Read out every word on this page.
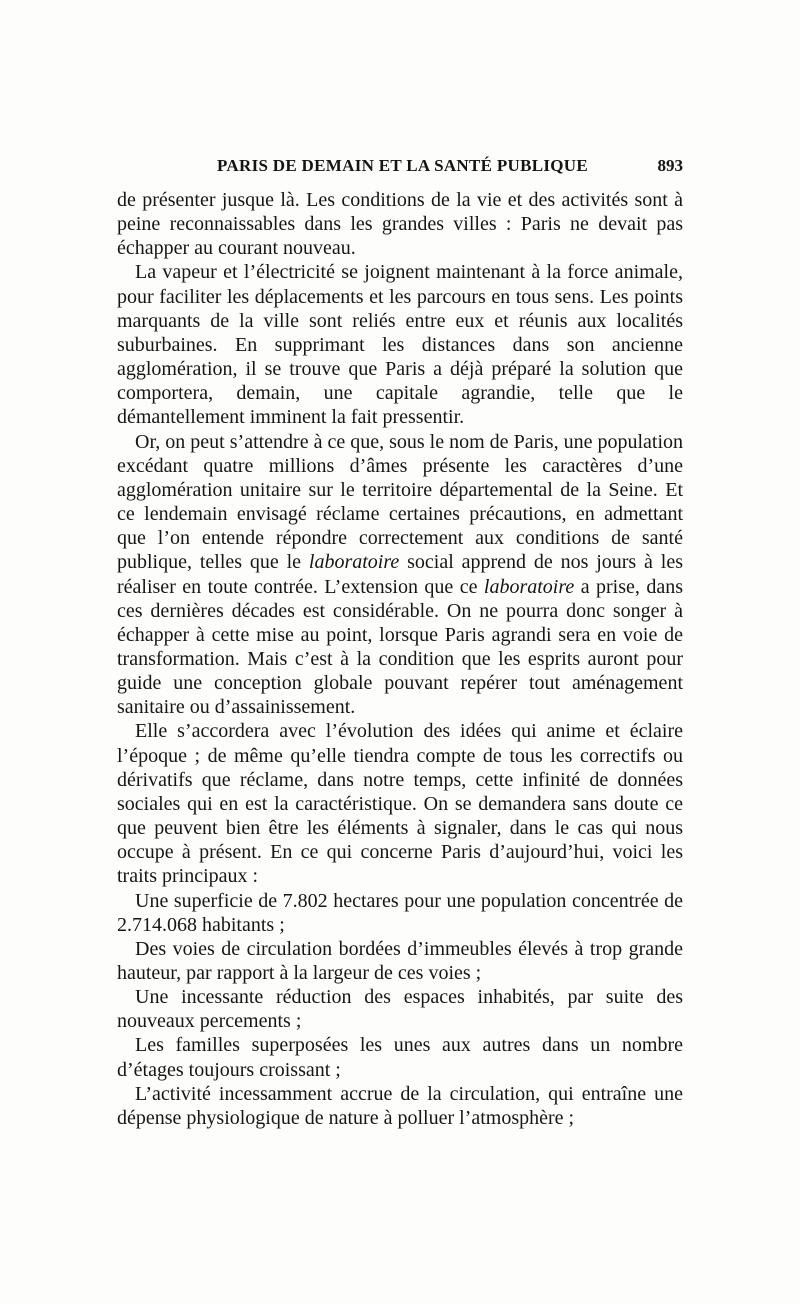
PARIS DE DEMAIN ET LA SANTÉ PUBLIQUE	893

de présenter jusque là. Les conditions de la vie et des activités sont à peine reconnaissables dans les grandes villes : Paris ne devait pas échapper au courant nouveau.

La vapeur et l’électricité se joignent maintenant à la force animale, pour faciliter les déplacements et les parcours en tous sens. Les points marquants de la ville sont reliés entre eux et réunis aux localités suburbaines. En supprimant les distances dans son ancienne agglomération, il se trouve que Paris a déjà préparé la solution que comportera, demain, une capitale agrandie, telle que le démantellement imminent la fait pressentir.

Or, on peut s’attendre à ce que, sous le nom de Paris, une population excédant quatre millions d’âmes présente les caractères d’une agglomération unitaire sur le territoire départemental de la Seine. Et ce lendemain envisagé réclame certaines précautions, en admettant que l’on entende répondre correctement aux conditions de santé publique, telles que le laboratoire social apprend de nos jours à les réaliser en toute contrée. L’extension que ce laboratoire a prise, dans ces dernières décades est considérable. On ne pourra donc songer à échapper à cette mise au point, lorsque Paris agrandi sera en voie de transformation. Mais c’est à la condition que les esprits auront pour guide une conception globale pouvant repérer tout aménagement sanitaire ou d’assainissement.

Elle s’accordera avec l’évolution des idées qui anime et éclaire l’époque ; de même qu’elle tiendra compte de tous les correctifs ou dérivatifs que réclame, dans notre temps, cette infinité de données sociales qui en est la caractéristique. On se demandera sans doute ce que peuvent bien être les éléments à signaler, dans le cas qui nous occupe à présent. En ce qui concerne Paris d’aujourd’hui, voici les traits principaux :

Une superficie de 7.802 hectares pour une population concentrée de 2.714.068 habitants ;

Des voies de circulation bordées d’immeubles élevés à trop grande hauteur, par rapport à la largeur de ces voies ;

Une incessante réduction des espaces inhabités, par suite des nouveaux percements ;

Les familles superposées les unes aux autres dans un nombre d’étages toujours croissant ;

L’activité incessamment accrue de la circulation, qui entraîne une dépense physiologique de nature à polluer l’atmosphère ;
